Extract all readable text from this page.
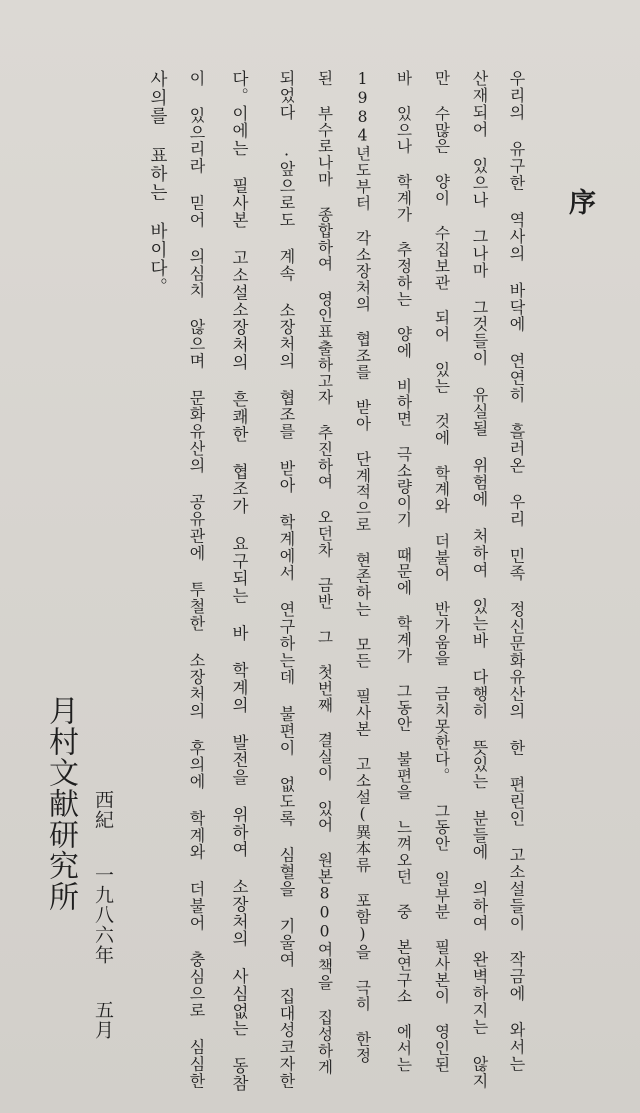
序
우리의 유구한 역사의 바닥에 연연히 흘러온 우리 민족 정신문화유산의 한 편린인 고소설들이 작금에 와서는
산재되어 있으나 그나마 그것들이 유실될 위험에 처하여 있는바 다행히 뜻있는 분들에 의하여 완벽하지는 않지
만 수많은 양이 수집보관 되어 있는 것에 학계와 더불어 반가움을 금치못한다。 그동안 일부분 필사본이 영인된
바 있으나 학계가 추정하는 양에 비하면 극소량이기 때문에 학계가 그동안 불편을 느껴오던 중 본연구소 에서는
1984년도부터 각소장처의 협조를 받아 단계적으로 현존하는 모든 필사본 고소설(異本류 포함)을 극히 한정
된 부수로나마 종합하여 영인표출하고자 추진하여 오던차 금반 그 첫번째 결실이 있어 원본800여책을 집성하게
되었다 .앞으로도 계속 소장처의 협조를 받아 학계에서 연구하는데 불편이 없도록 심혈을 기울여 집대성코자한
다。이에는 필사본 고소설소장처의 흔쾌한 협조가 요구되는 바 학계의 발전을 위하여 소장처의 사심없는 동참
이 있으리라 믿어 의심치 않으며 문화유산의 공유관에 투철한 소장처의 후의에 학계와 더불어 충심으로 심심한
사의를 표하는 바이다。
西紀 一九八六年 五月
月村文献研究所
